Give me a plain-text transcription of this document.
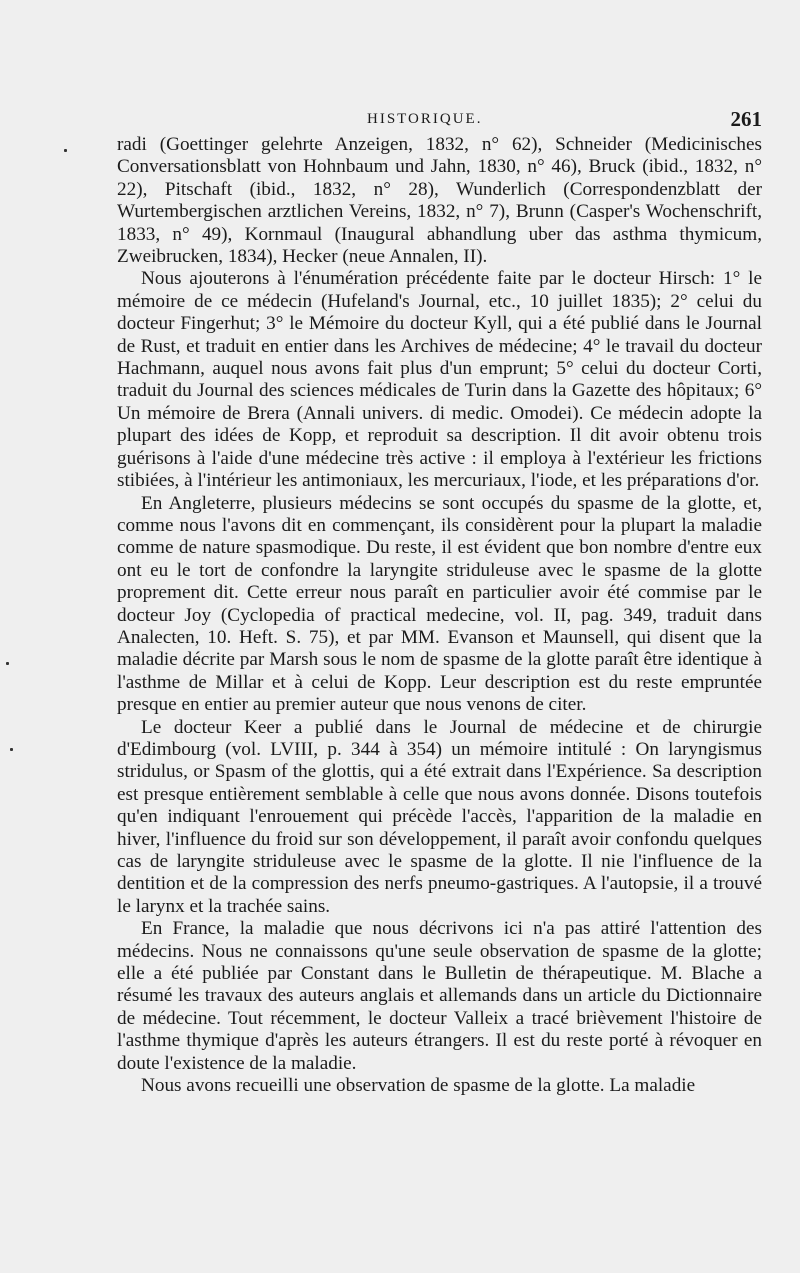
HISTORIQUE.	261

radi (Goettinger gelehrte Anzeigen, 1832, n° 62), Schneider (Medicinisches Conversationsblatt von Hohnbaum und Jahn, 1830, n° 46), Bruck (ibid., 1832, n° 22), Pitschaft (ibid., 1832, n° 28), Wunderlich (Correspondenzblatt der Wurtembergischen arztlichen Vereins, 1832, n° 7), Brunn (Casper's Wochenschrift, 1833, n° 49), Kornmaul (Inaugural abhandlung uber das asthma thymicum, Zweibrucken, 1834), Hecker (neue Annalen, II).

Nous ajouterons à l'énumération précédente faite par le docteur Hirsch: 1° le mémoire de ce médecin (Hufeland's Journal, etc., 10 juillet 1835); 2° celui du docteur Fingerhut; 3° le Mémoire du docteur Kyll, qui a été publié dans le Journal de Rust, et traduit en entier dans les Archives de médecine; 4° le travail du docteur Hachmann, auquel nous avons fait plus d'un emprunt; 5° celui du docteur Corti, traduit du Journal des sciences médicales de Turin dans la Gazette des hôpitaux; 6° Un mémoire de Brera (Annali univers. di medic. Omodei). Ce médecin adopte la plupart des idées de Kopp, et reproduit sa description. Il dit avoir obtenu trois guérisons à l'aide d'une médecine très active : il employa à l'extérieur les frictions stibiées, à l'intérieur les antimoniaux, les mercuriaux, l'iode, et les préparations d'or.

En Angleterre, plusieurs médecins se sont occupés du spasme de la glotte, et, comme nous l'avons dit en commençant, ils considèrent pour la plupart la maladie comme de nature spasmodique. Du reste, il est évident que bon nombre d'entre eux ont eu le tort de confondre la laryngite striduleuse avec le spasme de la glotte proprement dit. Cette erreur nous paraît en particulier avoir été commise par le docteur Joy (Cyclopedia of practical medecine, vol. II, pag. 349, traduit dans Analecten, 10. Heft. S. 75), et par MM. Evanson et Maunsell, qui disent que la maladie décrite par Marsh sous le nom de spasme de la glotte paraît être identique à l'asthme de Millar et à celui de Kopp. Leur description est du reste empruntée presque en entier au premier auteur que nous venons de citer.

Le docteur Keer a publié dans le Journal de médecine et de chirurgie d'Edimbourg (vol. LVIII, p. 344 à 354) un mémoire intitulé : On laryngismus stridulus, or Spasm of the glottis, qui a été extrait dans l'Expérience. Sa description est presque entièrement semblable à celle que nous avons donnée. Disons toutefois qu'en indiquant l'enrouement qui précède l'accès, l'apparition de la maladie en hiver, l'influence du froid sur son développement, il paraît avoir confondu quelques cas de laryngite striduleuse avec le spasme de la glotte. Il nie l'influence de la dentition et de la compression des nerfs pneumo-gastriques. A l'autopsie, il a trouvé le larynx et la trachée sains.

En France, la maladie que nous décrivons ici n'a pas attiré l'attention des médecins. Nous ne connaissons qu'une seule observation de spasme de la glotte; elle a été publiée par Constant dans le Bulletin de thérapeutique. M. Blache a résumé les travaux des auteurs anglais et allemands dans un article du Dictionnaire de médecine. Tout récemment, le docteur Valleix a tracé brièvement l'histoire de l'asthme thymique d'après les auteurs étrangers. Il est du reste porté à révoquer en doute l'existence de la maladie.

Nous avons recueilli une observation de spasme de la glotte. La maladie
